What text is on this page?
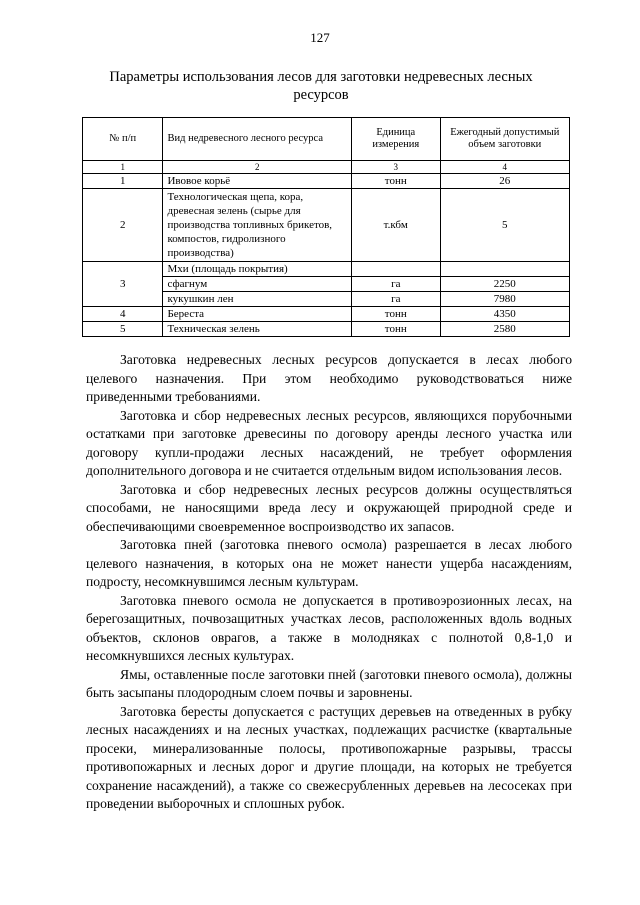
127
Параметры использования лесов для заготовки недревесных лесных ресурсов
№ п/п	Вид недревесного лесного ресурса	Единица измерения	Ежегодный допустимый объем заготовки
1	2	3	4
1	Ивовое корьё	тонн	26
2	Технологическая щепа, кора, древесная зелень (сырье для производства топливных брикетов, компостов, гидролизного производства)	т.кбм	5
3	Мхи (площадь покрытия)		
	сфагнум	га	2250
	кукушкин лен	га	7980
4	Береста	тонн	4350
5	Техническая зелень	тонн	2580

Заготовка недревесных лесных ресурсов допускается в лесах любого целевого назначения. При этом необходимо руководствоваться ниже приведенными требованиями.

Заготовка и сбор недревесных лесных ресурсов, являющихся порубочными остатками при заготовке древесины по договору аренды лесного участка или договору купли-продажи лесных насаждений, не требует оформления дополнительного договора и не считается отдельным видом использования лесов.

Заготовка и сбор недревесных лесных ресурсов должны осуществляться способами, не наносящими вреда лесу и окружающей природной среде и обеспечивающими своевременное воспроизводство их запасов.

Заготовка пней (заготовка пневого осмола) разрешается в лесах любого целевого назначения, в которых она не может нанести ущерба насаждениям, подросту, несомкнувшимся лесным культурам.

Заготовка пневого осмола не допускается в противоэрозионных лесах, на берегозащитных, почвозащитных участках лесов, расположенных вдоль водных объектов, склонов оврагов, а также в молодняках с полнотой 0,8-1,0 и несомкнувшихся лесных культурах.

Ямы, оставленные после заготовки пней (заготовки пневого осмола), должны быть засыпаны плодородным слоем почвы и заровнены.

Заготовка бересты допускается с растущих деревьев на отведенных в рубку лесных насаждениях и на лесных участках, подлежащих расчистке (квартальные просеки, минерализованные полосы, противопожарные разрывы, трассы противопожарных и лесных дорог и другие площади, на которых не требуется сохранение насаждений), а также со свежесрубленных деревьев на лесосеках при проведении выборочных и сплошных рубок.
